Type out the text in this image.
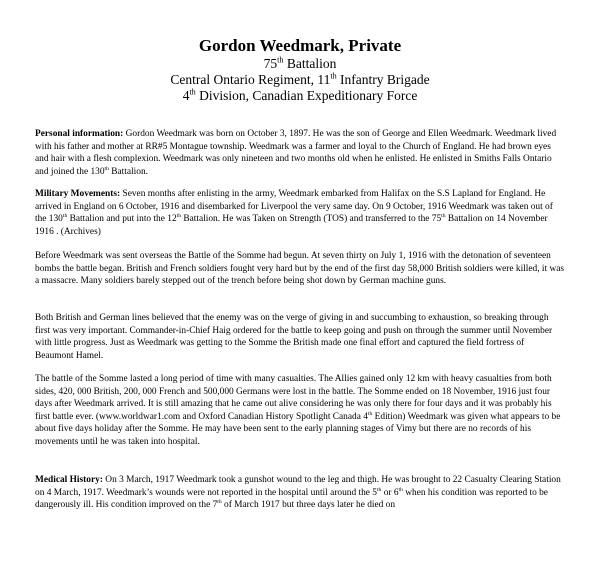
Gordon Weedmark, Private
75th Battalion
Central Ontario Regiment, 11th Infantry Brigade
4th Division, Canadian Expeditionary Force
Personal information: Gordon Weedmark was born on October 3, 1897. He was the son of George and Ellen Weedmark. Weedmark lived with his father and mother at RR#5 Montague township. Weedmark was a farmer and loyal to the Church of England. He had brown eyes and hair with a flesh complexion. Weedmark was only nineteen and two months old when he enlisted. He enlisted in Smiths Falls Ontario and joined the 130th Battalion.
Military Movements: Seven months after enlisting in the army, Weedmark embarked from Halifax on the S.S Lapland for England. He arrived in England on 6 October, 1916 and disembarked for Liverpool the very same day. On 9 October, 1916 Weedmark was taken out of the 130th Battalion and put into the 12th Battalion. He was Taken on Strength (TOS) and transferred to the 75th Battalion on 14 November 1916 . (Archives)
Before Weedmark was sent overseas the Battle of the Somme had begun. At seven thirty on July 1, 1916 with the detonation of seventeen bombs the battle began. British and French soldiers fought very hard but by the end of the first day 58,000 British soldiers were killed, it was a massacre. Many soldiers barely stepped out of the trench before being shot down by German machine guns.
Both British and German lines believed that the enemy was on the verge of giving in and succumbing to exhaustion, so breaking through first was very important. Commander-in-Chief Haig ordered for the battle to keep going and push on through the summer until November with little progress. Just as Weedmark was getting to the Somme the British made one final effort and captured the field fortress of Beaumont Hamel.
The battle of the Somme lasted a long period of time with many casualties. The Allies gained only 12 km with heavy casualties from both sides, 420, 000 British, 200, 000 French and 500,000 Germans were lost in the battle. The Somme ended on 18 November, 1916 just four days after Weedmark arrived. It is still amazing that he came out alive considering he was only there for four days and it was probably his first battle ever. (www.worldwar1.com and Oxford Canadian History Spotlight Canada 4th Edition) Weedmark was given what appears to be about five days holiday after the Somme. He may have been sent to the early planning stages of Vimy but there are no records of his movements until he was taken into hospital.
Medical History: On 3 March, 1917 Weedmark took a gunshot wound to the leg and thigh. He was brought to 22 Casualty Clearing Station on 4 March, 1917. Weedmark’s wounds were not reported in the hospital until around the 5th or 6th when his condition was reported to be dangerously ill. His condition improved on the 7th of March 1917 but three days later he died on
